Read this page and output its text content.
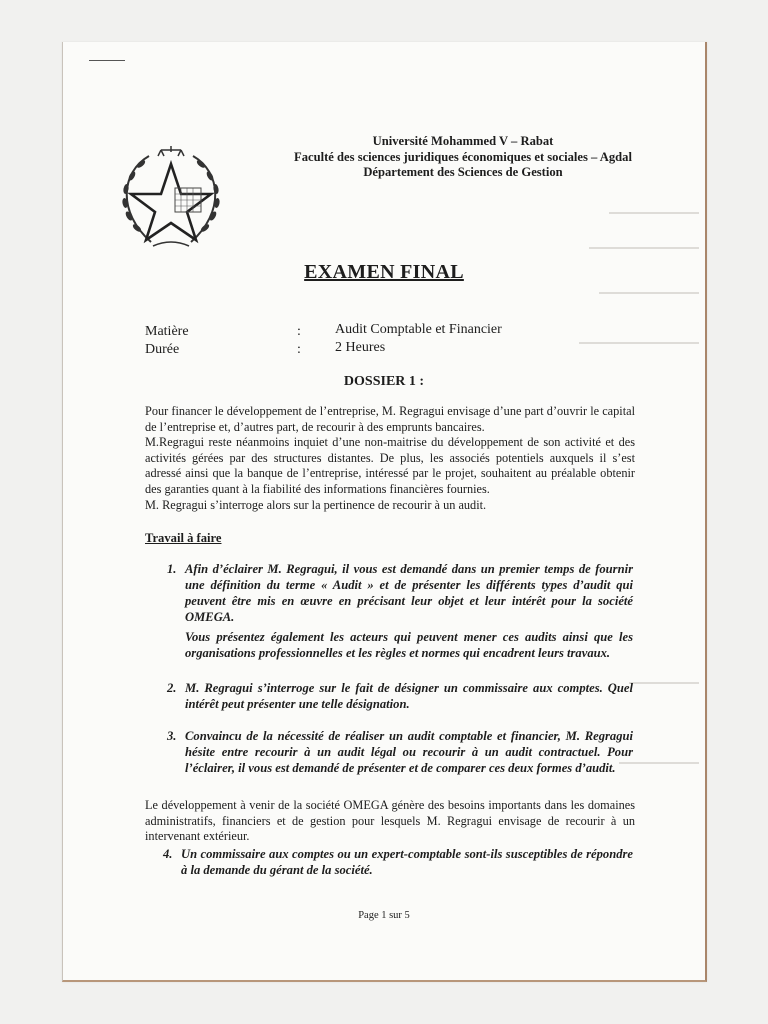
Université Mohammed V – Rabat
Faculté des sciences juridiques économiques et sociales – Agdal
Département des Sciences de Gestion
EXAMEN FINAL
Matière	: Audit Comptable et Financier
Durée	: 2 Heures
DOSSIER 1 :

Pour financer le développement de l’entreprise, M. Regragui envisage d’une part d’ouvrir le capital de l’entreprise et, d’autres part, de recourir à des emprunts bancaires.

M.Regragui reste néanmoins inquiet d’une non-maitrise du développement de son activité et des activités gérées par des structures distantes. De plus, les associés potentiels auxquels il s’est adressé ainsi que la banque de l’entreprise, intéressé par le projet, souhaitent au préalable obtenir des garanties quant à la fiabilité des informations financières fournies.

M. Regragui s’interroge alors sur la pertinence de recourir à un audit.

Travail à faire
1. Afin d’éclairer M. Regragui, il vous est demandé dans un premier temps de fournir une définition du terme « Audit » et de présenter les différents types d’audit qui peuvent être mis en œuvre en précisant leur objet et leur intérêt pour la société OMEGA.

Vous présentez également les acteurs qui peuvent mener ces audits ainsi que les organisations professionnelles et les règles et normes qui encadrent leurs travaux.

2. M. Regragui s’interroge sur le fait de désigner un commissaire aux comptes. Quel intérêt peut présenter une telle désignation.

3. Convaincu de la nécessité de réaliser un audit comptable et financier, M. Regragui hésite entre recourir à un audit légal ou recourir à un audit contractuel. Pour l’éclairer, il vous est demandé de présenter et de comparer ces deux formes d’audit.

Le développement à venir de la société OMEGA génère des besoins importants dans les domaines administratifs, financiers et de gestion pour lesquels M. Regragui envisage de recourir à un intervenant extérieur.

4. Un commissaire aux comptes ou un expert-comptable sont-ils susceptibles de répondre à la demande du gérant de la société.

Page 1 sur 5
